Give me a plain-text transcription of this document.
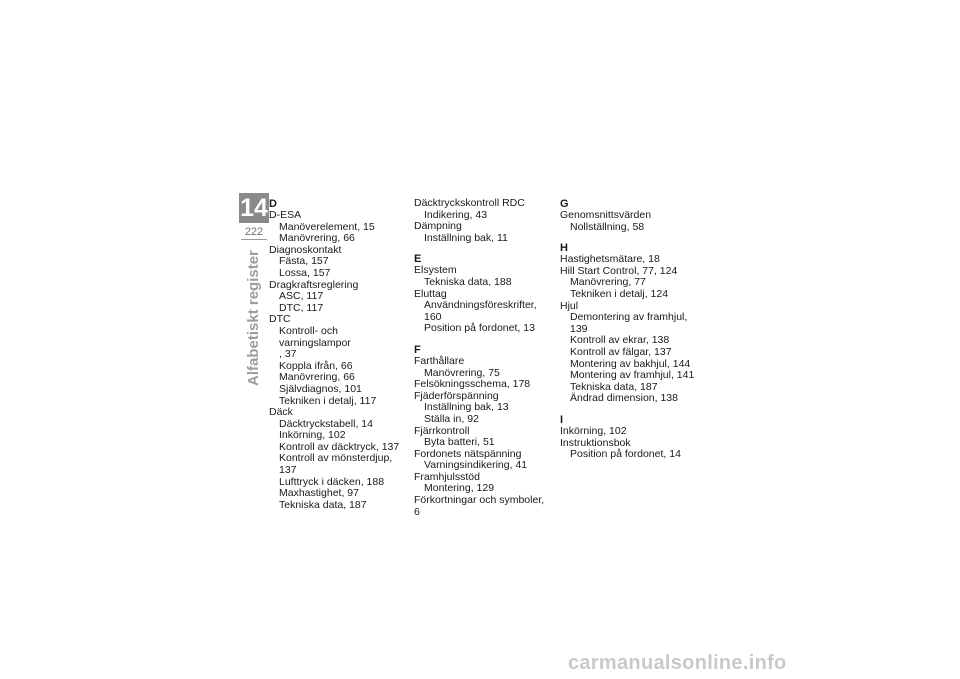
14
222
Alfabetiskt register
D
D-ESA
Manöverelement, 15
Manövrering, 66
Diagnoskontakt
Fästa, 157
Lossa, 157
Dragkraftsreglering
ASC, 117
DTC, 117
DTC
Kontroll- och varningslampor
, 37
Koppla ifrån, 66
Manövrering, 66
Självdiagnos, 101
Tekniken i detalj, 117
Däck
Däcktryckstabell, 14
Inkörning, 102
Kontroll av däcktryck, 137
Kontroll av mönsterdjup, 137
Lufttryck i däcken, 188
Maxhastighet, 97
Tekniska data, 187
Däcktryckskontroll RDC
Indikering, 43
Dämpning
Inställning bak, 11
E
Elsystem
Tekniska data, 188
Eluttag
Användningsföreskrifter, 160
Position på fordonet, 13
F
Farthållare
Manövrering, 75
Felsökningsschema, 178
Fjäderförspänning
Inställning bak, 13
Ställa in, 92
Fjärrkontroll
Byta batteri, 51
Fordonets nätspänning
Varningsindikering, 41
Framhjulsstöd
Montering, 129
Förkortningar och symboler, 6
G
Genomsnittsvärden
Nollställning, 58
H
Hastighetsmätare, 18
Hill Start Control, 77, 124
Manövrering, 77
Tekniken i detalj, 124
Hjul
Demontering av framhjul, 139
Kontroll av ekrar, 138
Kontroll av fälgar, 137
Montering av bakhjul, 144
Montering av framhjul, 141
Tekniska data, 187
Ändrad dimension, 138
I
Inkörning, 102
Instruktionsbok
Position på fordonet, 14
carmanualsonline.info
